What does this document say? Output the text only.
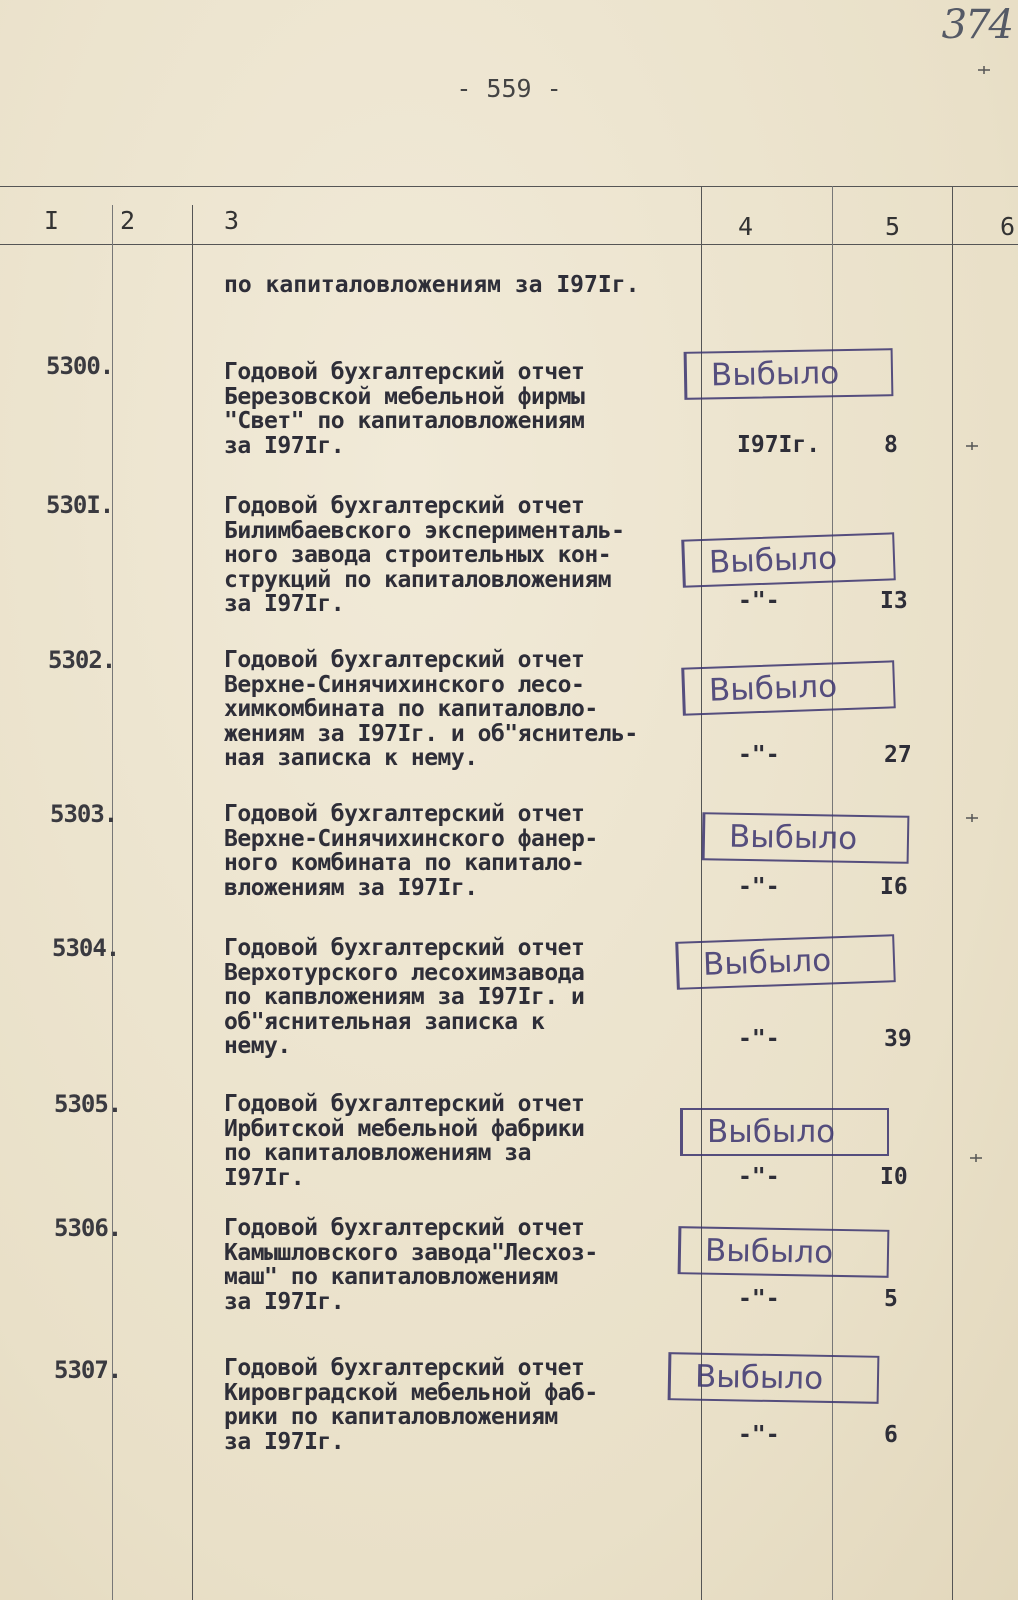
374
- 559 -
I 2	3	4	5	6
по капиталовложениям за I97Iг.
5300.	Годовой бухгалтерский отчет
Березовской мебельной фирмы
"Свет" по капиталовложениям
за I97Iг.
Выбыло
I97Iг.	8
530I.	Годовой бухгалтерский отчет
Билимбаевского эксперименталь-
ного завода строительных кон-
струкций по капиталовложениям
за I97Iг.
Выбыло
-"-	I3
5302.	Годовой бухгалтерский отчет
Верхне-Синячихинского лесо-
химкомбината по капиталовло-
жениям за I97Iг. и об"яснитель-
ная записка к нему.
Выбыло
-"-	27
5303.	Годовой бухгалтерский отчет
Верхне-Синячихинского фанер-
ного комбината по капитало-
вложениям за I97Iг.
Выбыло
-"-	I6
5304.	Годовой бухгалтерский отчет
Верхотурского лесохимзавода
по капвложениям за I97Iг. и
об"яснительная записка к
нему.
Выбыло
-"-	39
5305.	Годовой бухгалтерский отчет
Ирбитской мебельной фабрики
по капиталовложениям за
I97Iг.
Выбыло
-"-	I0
5306.	Годовой бухгалтерский отчет
Камышловского завода"Лесхоз-
маш" по капиталовложениям
за I97Iг.
Выбыло
-"-	5
5307.	Годовой бухгалтерский отчет
Кировградской мебельной фаб-
рики по капиталовложениям
за I97Iг.
Выбыло
-"-	6
